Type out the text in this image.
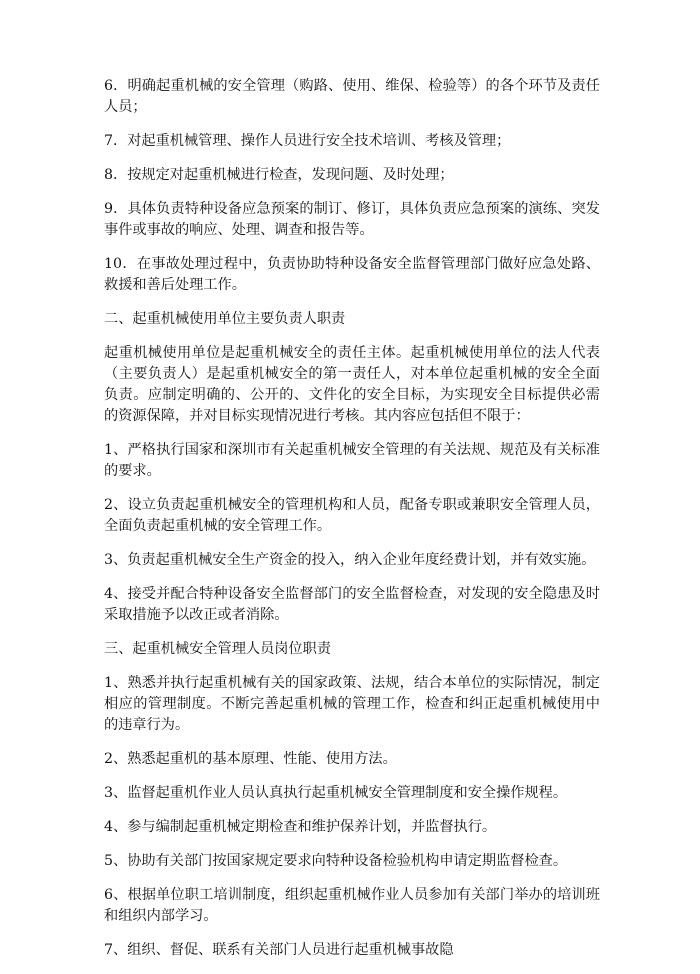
6．明确起重机械的安全管理（购路、使用、维保、检验等）的各个环节及责任人员；

7．对起重机械管理、操作人员进行安全技术培训、考核及管理；

8．按规定对起重机械进行检查，发现问题、及时处理；

9．具体负责特种设备应急预案的制订、修订，具体负责应急预案的演练、突发事件或事故的响应、处理、调查和报告等。

10．在事故处理过程中，负责协助特种设备安全监督管理部门做好应急处路、救援和善后处理工作。

二、起重机械使用单位主要负责人职责

起重机械使用单位是起重机械安全的责任主体。起重机械使用单位的法人代表（主要负责人）是起重机械安全的第一责任人，对本单位起重机械的安全全面负责。应制定明确的、公开的、文件化的安全目标，为实现安全目标提供必需的资源保障，并对目标实现情况进行考核。其内容应包括但不限于：

1、严格执行国家和深圳市有关起重机械安全管理的有关法规、规范及有关标准的要求。

2、设立负责起重机械安全的管理机构和人员，配备专职或兼职安全管理人员，全面负责起重机械的安全管理工作。

3、负责起重机械安全生产资金的投入，纳入企业年度经费计划，并有效实施。

4、接受并配合特种设备安全监督部门的安全监督检查，对发现的安全隐患及时采取措施予以改正或者消除。

三、起重机械安全管理人员岗位职责

1、熟悉并执行起重机械有关的国家政策、法规，结合本单位的实际情况，制定相应的管理制度。不断完善起重机械的管理工作，检查和纠正起重机械使用中的违章行为。

2、熟悉起重机的基本原理、性能、使用方法。

3、监督起重机作业人员认真执行起重机械安全管理制度和安全操作规程。

4、参与编制起重机械定期检查和维护保养计划，并监督执行。

5、协助有关部门按国家规定要求向特种设备检验机构申请定期监督检查。

6、根据单位职工培训制度，组织起重机械作业人员参加有关部门举办的培训班和组织内部学习。

7、组织、督促、联系有关部门人员进行起重机械事故隐
